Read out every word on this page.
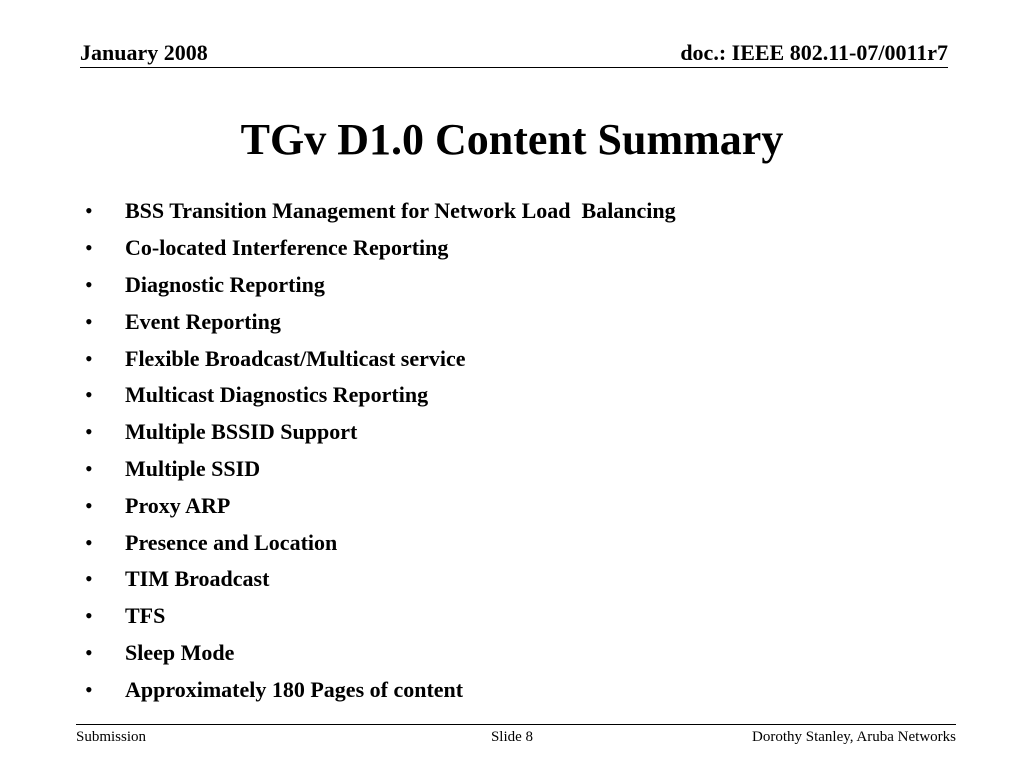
January 2008	doc.: IEEE 802.11-07/0011r7
TGv D1.0 Content Summary
•	BSS Transition Management for Network Load  Balancing
•	Co-located Interference Reporting
•	Diagnostic Reporting
•	Event Reporting
•	Flexible Broadcast/Multicast service
•	Multicast Diagnostics Reporting
•	Multiple BSSID Support
•	Multiple SSID
•	Proxy ARP
•	Presence and Location
•	TIM Broadcast
•	TFS
•	Sleep Mode
•	Approximately 180 Pages of content
Submission	Slide 8	Dorothy Stanley, Aruba Networks
